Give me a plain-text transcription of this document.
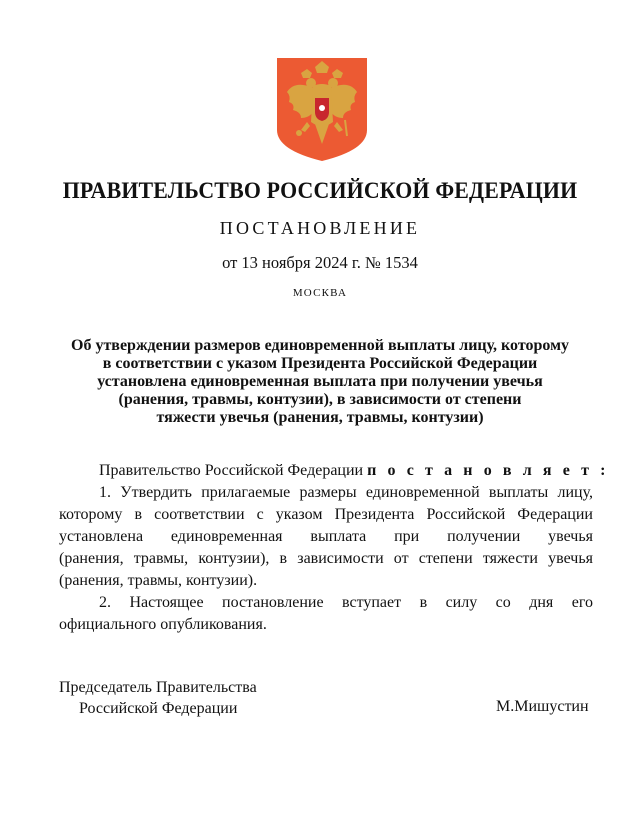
ПРАВИТЕЛЬСТВО РОССИЙСКОЙ ФЕДЕРАЦИИ
ПОСТАНОВЛЕНИЕ
от 13 ноября 2024 г. № 1534
МОСКВА
Об утверждении размеров единовременной выплаты лицу, которому
в соответствии с указом Президента Российской Федерации
установлена единовременная выплата при получении увечья
(ранения, травмы, контузии), в зависимости от степени
тяжести увечья (ранения, травмы, контузии)
Правительство Российской Федерации п о с т а н о в л я е т :
1. Утвердить прилагаемые размеры единовременной выплаты лицу,
которому в соответствии с указом Президента Российской Федерации
установлена единовременная выплата при получении увечья
(ранения, травмы, контузии), в зависимости от степени тяжести увечья
(ранения, травмы, контузии).
2. Настоящее постановление вступает в силу со дня его
официального опубликования.
Председатель Правительства
Российской Федерации	М.Мишустин
